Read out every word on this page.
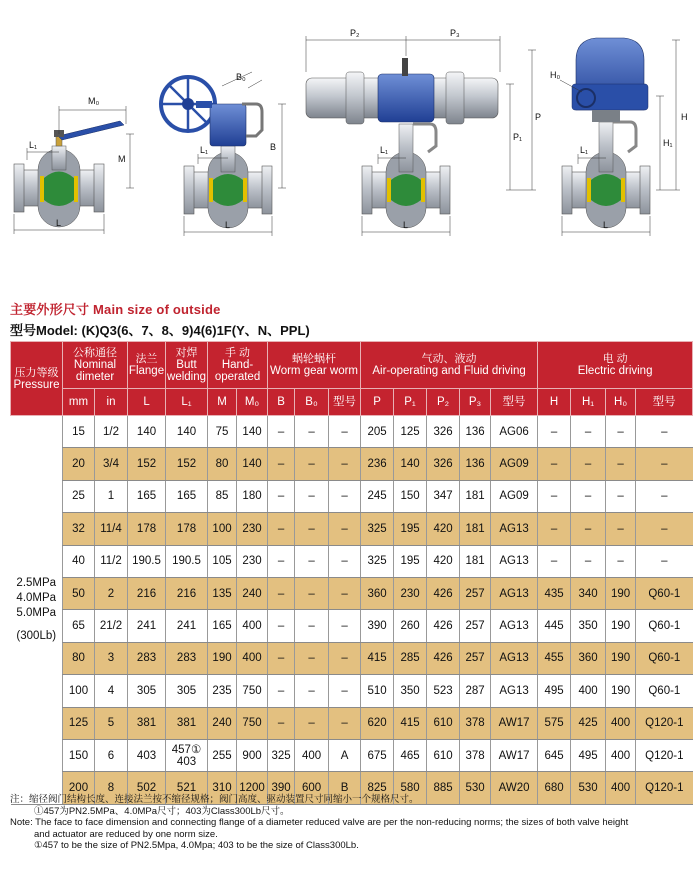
M₀
M
L₁
L
B₀
B
L₁
L
P₂	P₃
P₁
P
L₁
L
H₀
H₁
H
L₁
L
主要外形尺寸 Main size of outside
型号Model: (K)Q3(6、7、8、9)4(6)1F(Y、N、PPL)
压力等级
Pressure	公称通径
Nominal dimeter		法兰
Flange	对焊
Butt welding	手 动
Hand-operated		蜗轮蜗杆
Worm gear worm			气动、液动
Air-operating and Fluid driving					电 动
Electric driving			
	mm	in	L	L₁	M	M₀	B	B₀	型号	P	P₁	P₂	P₃	型号	H	H₁	H₀	型号

2.5MPa
4.0MPa
5.0MPa
(300Lb)	15	1/2	140	140	75	140	–	–	–	205	125	326	136	AG06	–	–	–	–
	20	3/4	152	152	80	140	–	–	–	236	140	326	136	AG09	–	–	–	–
	25	1	165	165	85	180	–	–	–	245	150	347	181	AG09	–	–	–	–
	32	11/4	178	178	100	230	–	–	–	325	195	420	181	AG13	–	–	–	–
	40	11/2	190.5	190.5	105	230	–	–	–	325	195	420	181	AG13	–	–	–	–
	50	2	216	216	135	240	–	–	–	360	230	426	257	AG13	435	340	190	Q60-1
	65	21/2	241	241	165	400	–	–	–	390	260	426	257	AG13	445	350	190	Q60-1
	80	3	283	283	190	400	–	–	–	415	285	426	257	AG13	455	360	190	Q60-1
	100	4	305	305	235	750	–	–	–	510	350	523	287	AG13	495	400	190	Q60-1
	125	5	381	381	240	750	–	–	–	620	415	610	378	AW17	575	425	400	Q120-1
	150	6	403	457① 403	255	900	325	400	A	675	465	610	378	AW17	645	495	400	Q120-1
	200	8	502	521	310	1200	390	600	B	825	580	885	530	AW20	680	530	400	Q120-1
注：缩径阀门结构长度、连接法兰按不缩径规格；阀门高度、驱动装置尺寸同缩小一个规格尺寸。
①457为PN2.5MPa、4.0MPa尺寸；403为Class300Lb尺寸。
Note: The face to face dimension and connecting flange of a diameter reduced valve are per the non-reducing norms; the sizes of both valve height
and actuator are reduced by one norm size.
①457 to be the size of PN2.5Mpa, 4.0Mpa; 403 to be the size of Class300Lb.
